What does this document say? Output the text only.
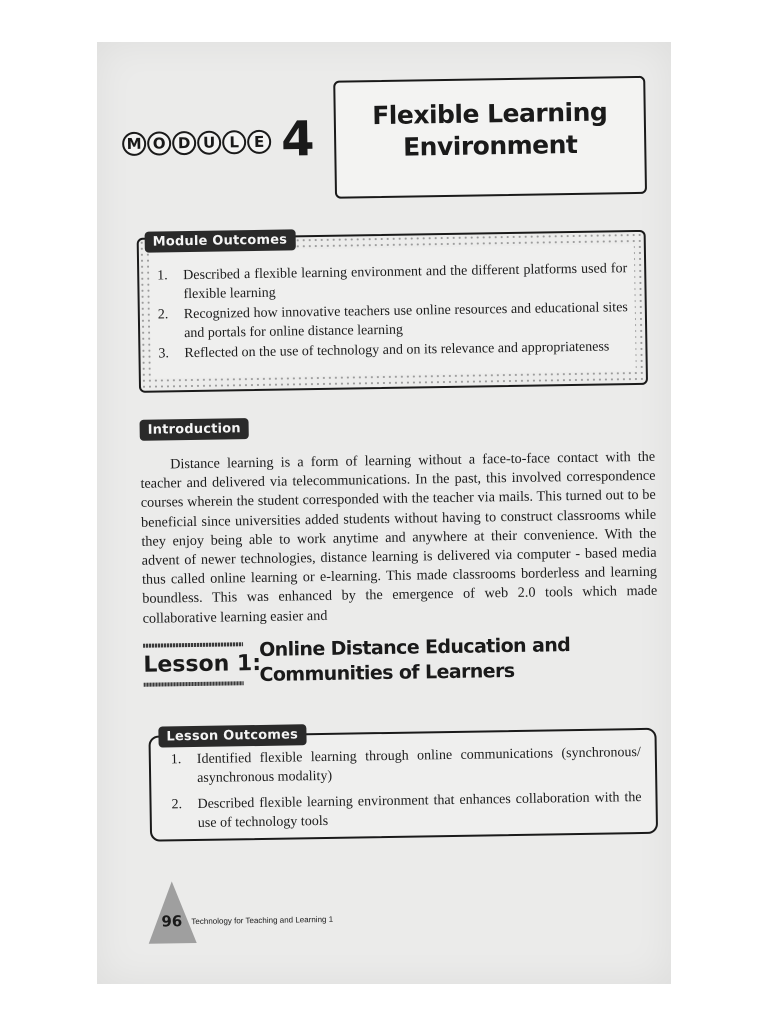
M O D U L E 4	Flexible Learning
Environment
1. Described a flexible learning environment and the different platforms used for flexible learning
2. Recognized how innovative teachers use online resources and educational sites and portals for online distance learning
3. Reflected on the use of technology and on its relevance and appropriateness
Module Outcomes
Introduction

Distance learning is a form of learning without a face-to-face contact with the teacher and delivered via telecommunications. In the past, this involved correspondence courses wherein the student corresponded with the teacher via mails. This turned out to be beneficial since universities added students without having to construct classrooms while they enjoy being able to work anytime and anywhere at their convenience. With the advent of newer technologies, distance learning is delivered via computer - based media thus called online learning or e-learning. This made classrooms borderless and learning boundless. This was enhanced by the emergence of web 2.0 tools which made collaborative learning easier and

Lesson 1:
Online Distance Education and
Communities of Learners
1. Identified flexible learning through online communications (synchronous/ asynchronous modality)
2. Described flexible learning environment that enhances collaboration with the use of technology tools
Lesson Outcomes
96 Technology for Teaching and Learning 1
